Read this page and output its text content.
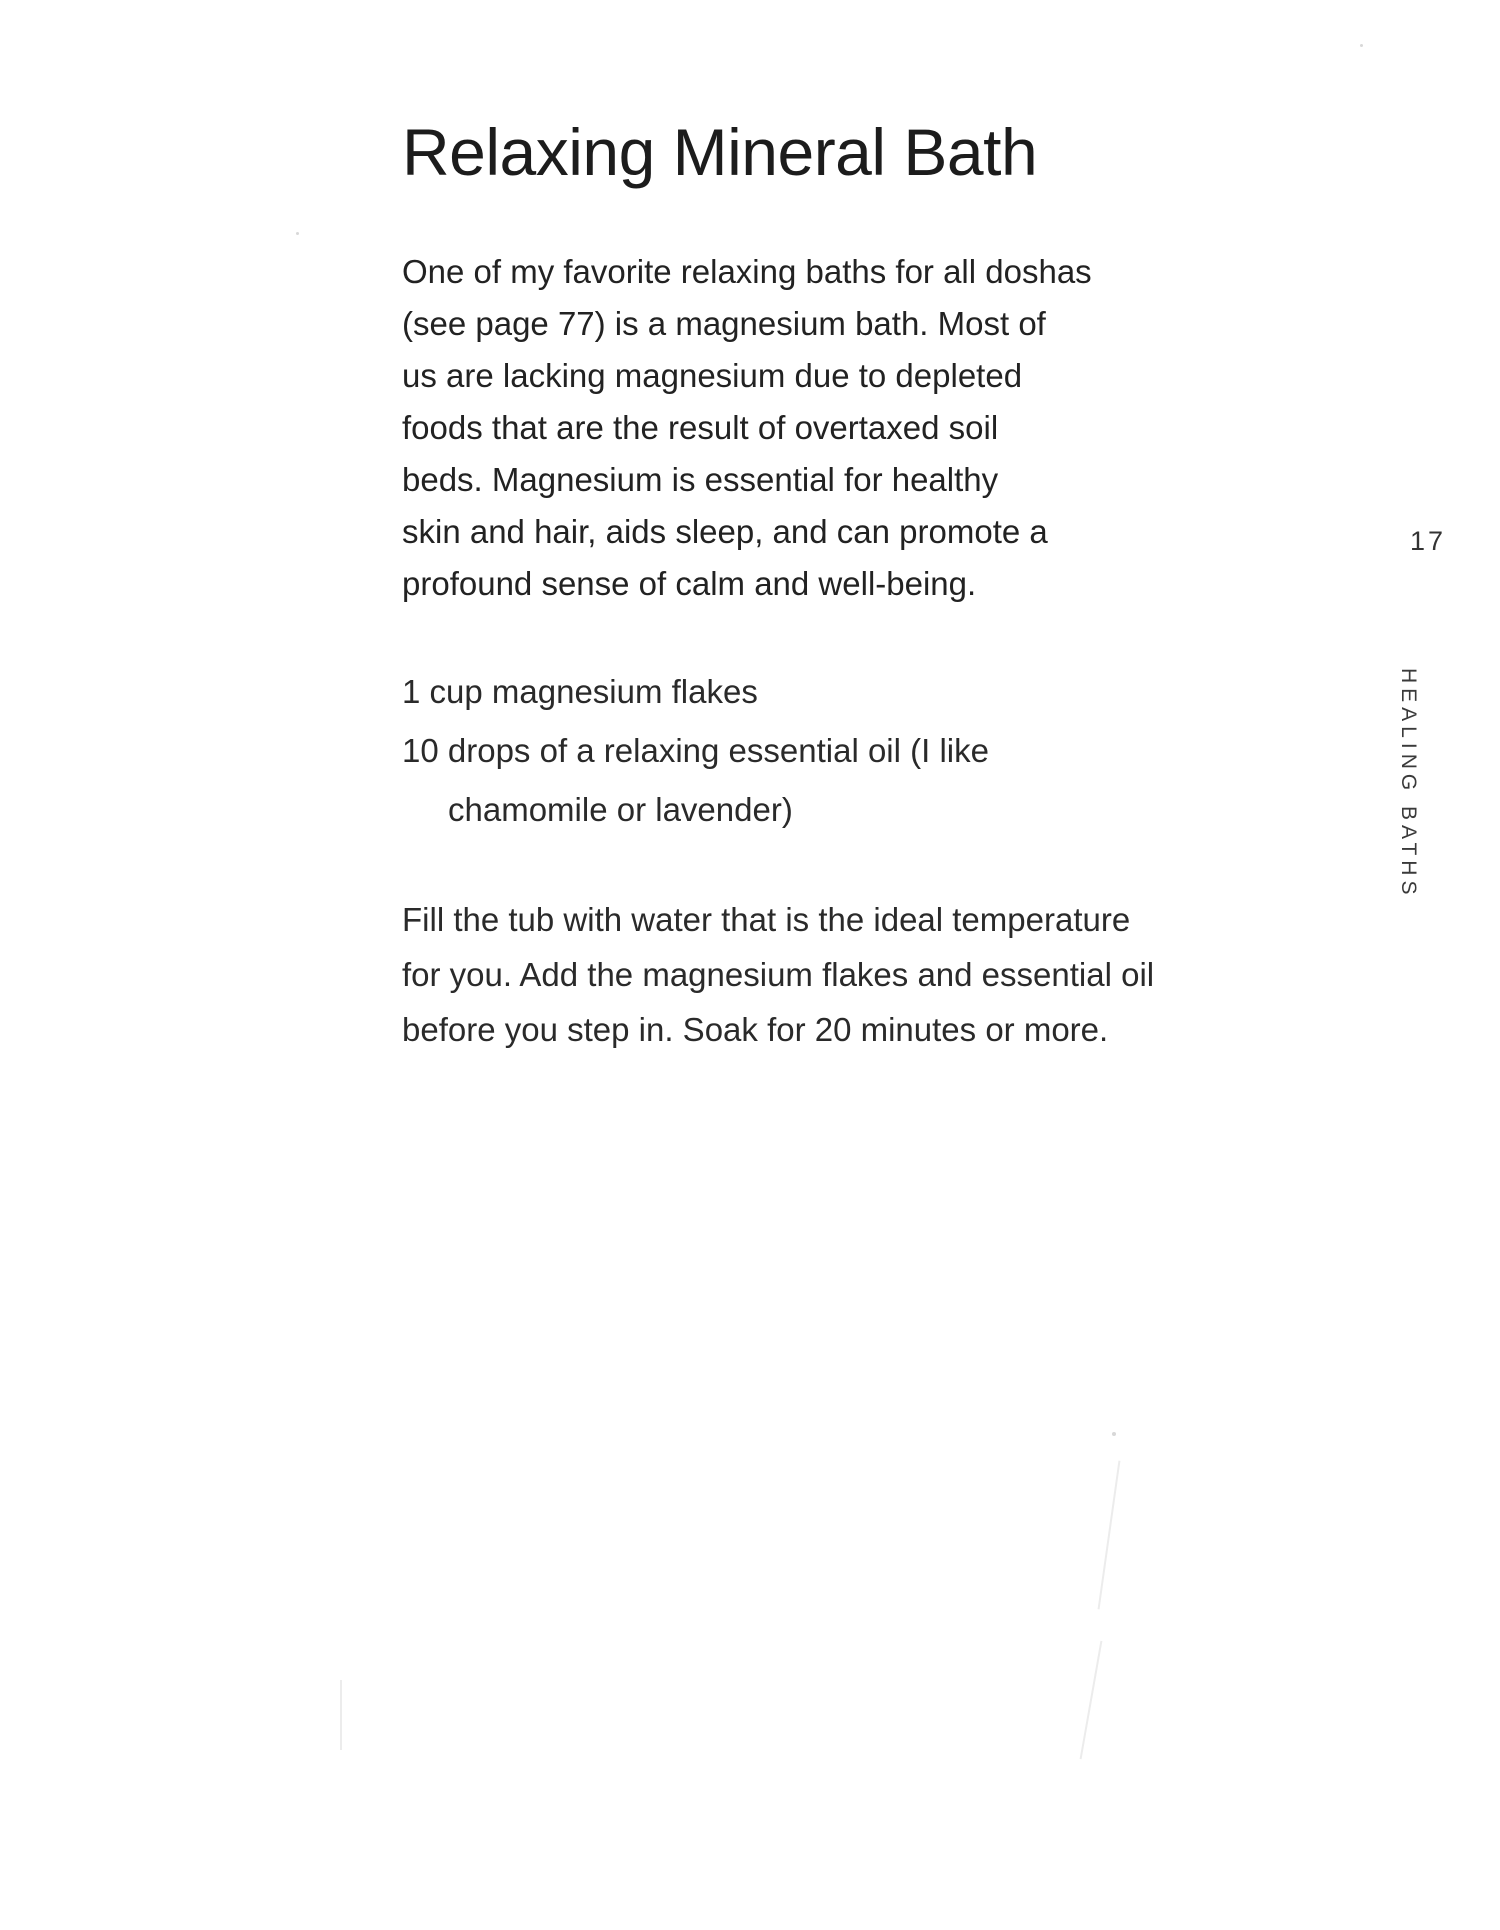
Relaxing Mineral Bath

One of my favorite relaxing baths for all doshas
(see page 77) is a magnesium bath. Most of
us are lacking magnesium due to depleted
foods that are the result of overtaxed soil
beds. Magnesium is essential for healthy
skin and hair, aids sleep, and can promote a
profound sense of calm and well-being.

1 cup magnesium flakes
10 drops of a relaxing essential oil (I like
chamomile or lavender)

Fill the tub with water that is the ideal temperature
for you. Add the magnesium flakes and essential oil
before you step in. Soak for 20 minutes or more.

17
HEALING BATHS
